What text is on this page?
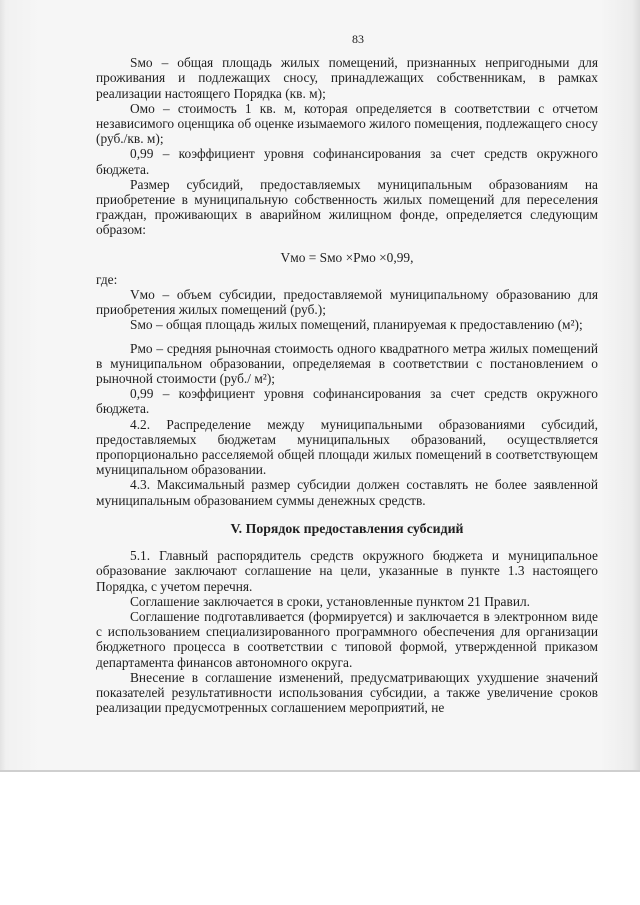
83

Sмо – общая площадь жилых помещений, признанных непригодными для проживания и подлежащих сносу, принадлежащих собственникам, в рамках реализации настоящего Порядка (кв. м);

Омо – стоимость 1 кв. м, которая определяется в соответствии с отчетом независимого оценщика об оценке изымаемого жилого помещения, подлежащего сносу (руб./кв. м);

0,99 – коэффициент уровня софинансирования за счет средств окружного бюджета.

Размер субсидий, предоставляемых муниципальным образованиям на приобретение в муниципальную собственность жилых помещений для переселения граждан, проживающих в аварийном жилищном фонде, определяется следующим образом:

Vмо = Sмо ×Pмо ×0,99,

где:

Vмо – объем субсидии, предоставляемой муниципальному образованию для приобретения жилых помещений (руб.);

Sмо – общая площадь жилых помещений, планируемая к предоставлению (м²);

Рмо – средняя рыночная стоимость одного квадратного метра жилых помещений в муниципальном образовании, определяемая в соответствии с постановлением о рыночной стоимости (руб./ м²);

0,99 – коэффициент уровня софинансирования за счет средств окружного бюджета.

4.2. Распределение между муниципальными образованиями субсидий, предоставляемых бюджетам муниципальных образований, осуществляется пропорционально расселяемой общей площади жилых помещений в соответствующем муниципальном образовании.

4.3. Максимальный размер субсидии должен составлять не более заявленной муниципальным образованием суммы денежных средств.

V. Порядок предоставления субсидий

5.1. Главный распорядитель средств окружного бюджета и муниципальное образование заключают соглашение на цели, указанные в пункте 1.3 настоящего Порядка, с учетом перечня.

Соглашение заключается в сроки, установленные пунктом 21 Правил.

Соглашение подготавливается (формируется) и заключается в электронном виде с использованием специализированного программного обеспечения для организации бюджетного процесса в соответствии с типовой формой, утвержденной приказом департамента финансов автономного округа.

Внесение в соглашение изменений, предусматривающих ухудшение значений показателей результативности использования субсидии, а также увеличение сроков реализации предусмотренных соглашением мероприятий, не
